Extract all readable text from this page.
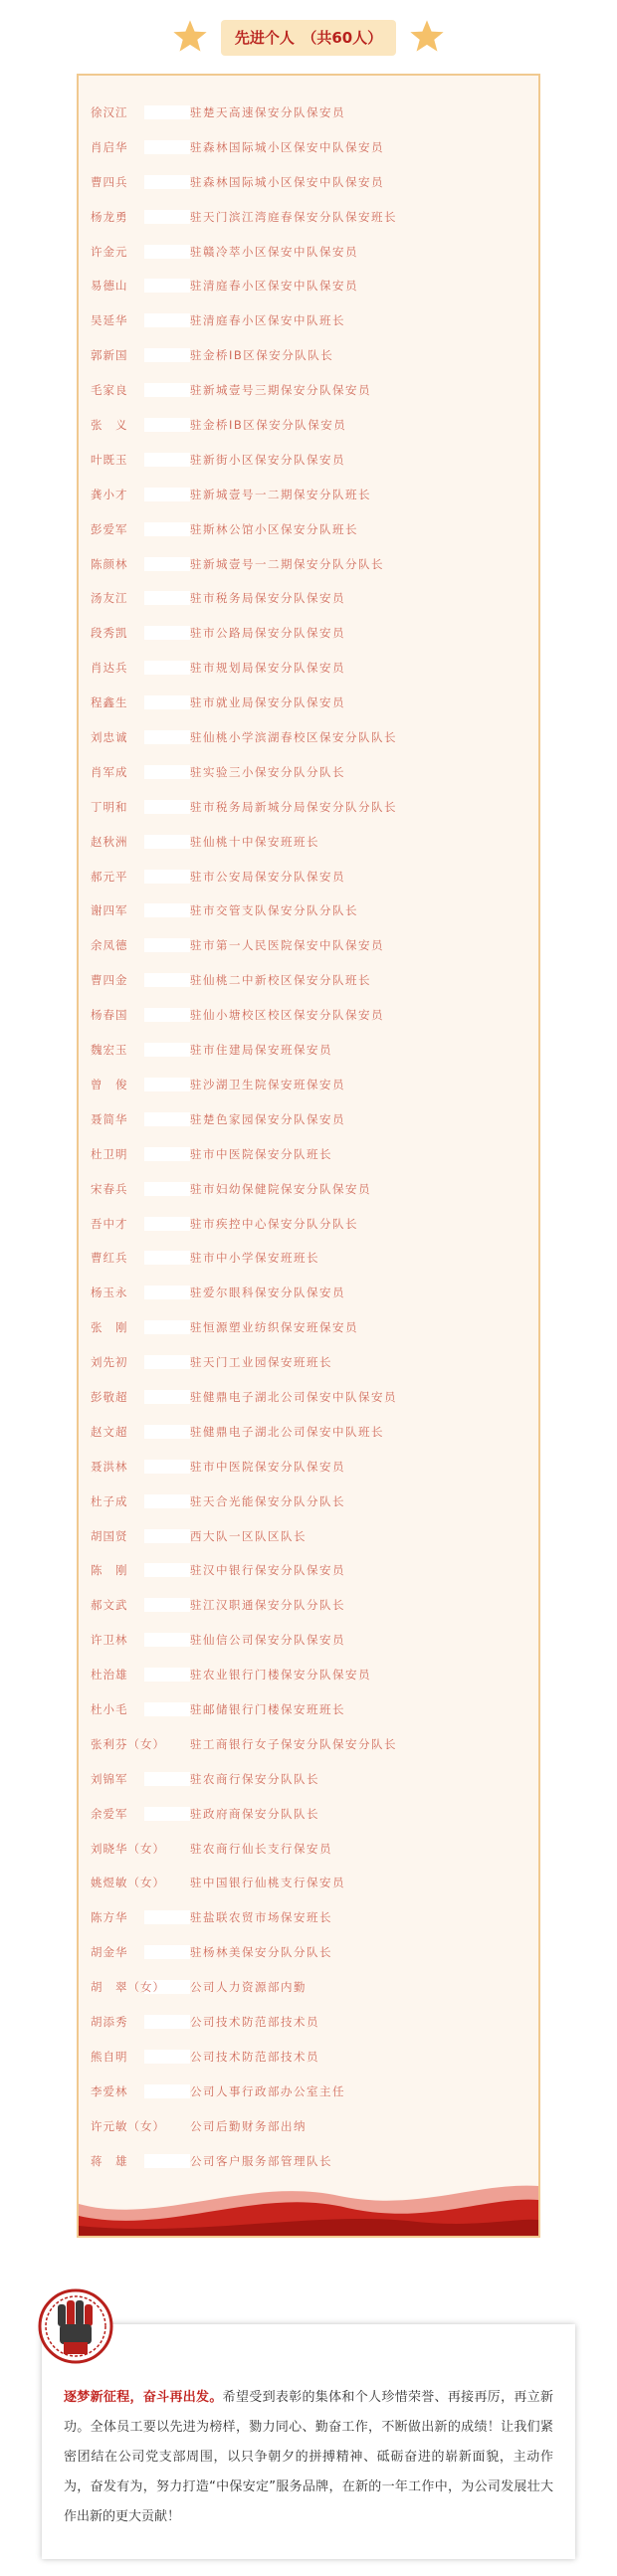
先进个人　（共60人）
徐汉江	驻楚天高速保安分队保安员
肖启华	驻森林国际城小区保安中队保安员
曹四兵	驻森林国际城小区保安中队保安员
杨龙勇	驻天门滨江湾庭春保安分队保安班长
许金元	驻赣冷萃小区保安中队保安员
易德山	驻清庭春小区保安中队保安员
吴延华	驻清庭春小区保安中队班长
郭新国	驻金桥IB区保安分队队长
毛家良	驻新城壹号三期保安分队保安员
张　义	驻金桥IB区保安分队保安员
叶既玉	驻新街小区保安分队保安员
龚小才	驻新城壹号一二期保安分队班长
彭爱军	驻斯林公馆小区保安分队班长
陈颜林	驻新城壹号一二期保安分队分队长
汤友江	驻市税务局保安分队保安员
段秀凯	驻市公路局保安分队保安员
肖达兵	驻市规划局保安分队保安员
程鑫生	驻市就业局保安分队保安员
刘忠诚	驻仙桃小学滨湖春校区保安分队队长
肖军成	驻实验三小保安分队分队长
丁明和	驻市税务局新城分局保安分队分队长
赵秋洲	驻仙桃十中保安班班长
郝元平	驻市公安局保安分队保安员
谢四军	驻市交管支队保安分队分队长
余凤德	驻市第一人民医院保安中队保安员
曹四金	驻仙桃二中新校区保安分队班长
杨春国	驻仙小塘校区校区保安分队保安员
魏宏玉	驻市住建局保安班保安员
曾　俊	驻沙湖卫生院保安班保安员
聂简华	驻楚色家园保安分队保安员
杜卫明	驻市中医院保安分队班长
宋春兵	驻市妇幼保健院保安分队保安员
吾中才	驻市疾控中心保安分队分队长
曹红兵	驻市中小学保安班班长
杨玉永	驻爱尔眼科保安分队保安员
张　刚	驻恒源塑业纺织保安班保安员
刘先初	驻天门工业园保安班班长
彭敬超	驻健鼎电子湖北公司保安中队保安员
赵文超	驻健鼎电子湖北公司保安中队班长
聂洪林	驻市中医院保安分队保安员
杜子成	驻天合光能保安分队分队长
胡国贤	西大队一区队区队长
陈　刚	驻汉中银行保安分队保安员
郝文武	驻江汉职通保安分队分队长
许卫林	驻仙信公司保安分队保安员
杜治雄	驻农业银行门楼保安分队保安员
杜小毛	驻邮储银行门楼保安班班长
张利芬（女） 驻工商银行女子保安分队保安分队长
刘锦军	驻农商行保安分队队长
余爱军	驻政府商保安分队队长
刘晓华（女） 驻农商行仙长支行保安员
姚煜敏（女） 驻中国银行仙桃支行保安员
陈方华	驻盐联农贸市场保安班长
胡金华	驻杨林美保安分队分队长
胡　翠（女） 公司人力资源部内勤
胡添秀	公司技术防范部技术员
熊自明	公司技术防范部技术员
李爱林	公司人事行政部办公室主任
许元敏（女） 公司后勤财务部出纳
蒋　雄	公司客户服务部管理队长
逐梦新征程，奋斗再出发。希望受到表彰的集体和个人珍惜荣誉、再接再厉，再立新功。全体员工要以先进为榜样，勠力同心、勤奋工作，不断做出新的成绩！让我们紧密团结在公司党支部周围，以只争朝夕的拼搏精神、砥砺奋进的崭新面貌，主动作为，奋发有为，努力打造“中保安定”服务品牌，在新的一年工作中，为公司发展壮大作出新的更大贡献！
